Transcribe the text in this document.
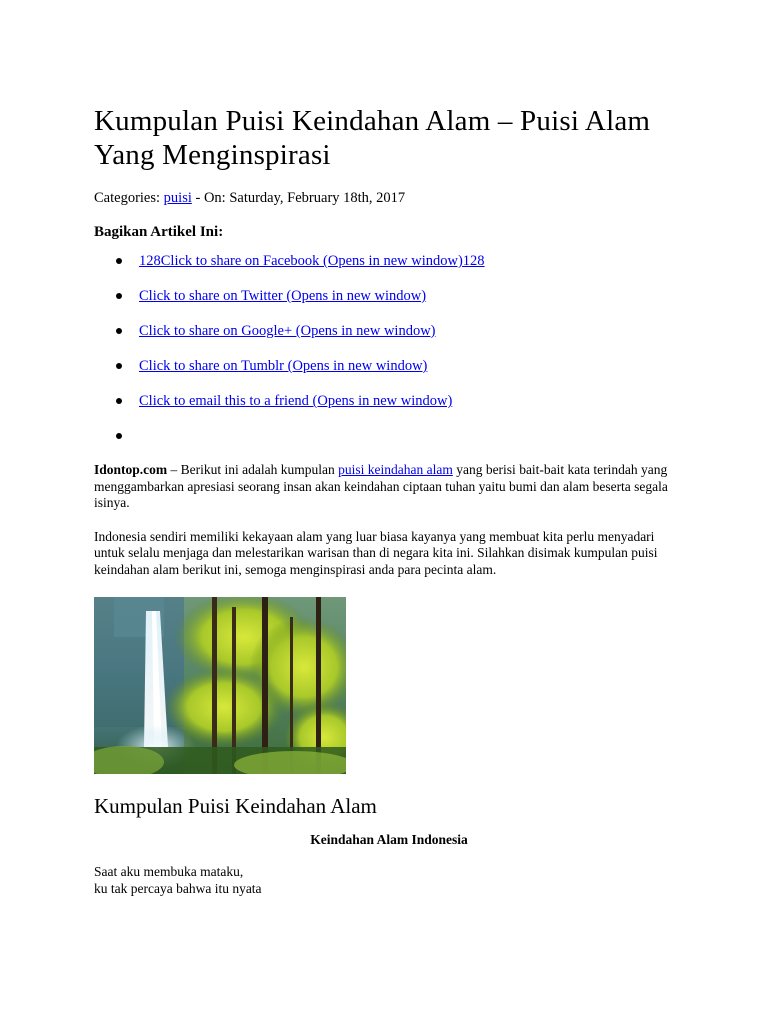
Kumpulan Puisi Keindahan Alam – Puisi Alam Yang Menginspirasi
Categories: puisi - On: Saturday, February 18th, 2017
Bagikan Artikel Ini:
128Click to share on Facebook (Opens in new window)128
Click to share on Twitter (Opens in new window)
Click to share on Google+ (Opens in new window)
Click to share on Tumblr (Opens in new window)
Click to email this to a friend (Opens in new window)

Idontop.com – Berikut ini adalah kumpulan puisi keindahan alam yang berisi bait-bait kata terindah yang menggambarkan apresiasi seorang insan akan keindahan ciptaan tuhan yaitu bumi dan alam beserta segala isinya.

Indonesia sendiri memiliki kekayaan alam yang luar biasa kayanya yang membuat kita perlu menyadari untuk selalu menjaga dan melestarikan warisan than di negara kita ini. Silahkan disimak kumpulan puisi keindahan alam berikut ini, semoga menginspirasi anda para pecinta alam.

Kumpulan Puisi Keindahan Alam
Keindahan Alam Indonesia
Saat aku membuka mataku,
ku tak percaya bahwa itu nyata
